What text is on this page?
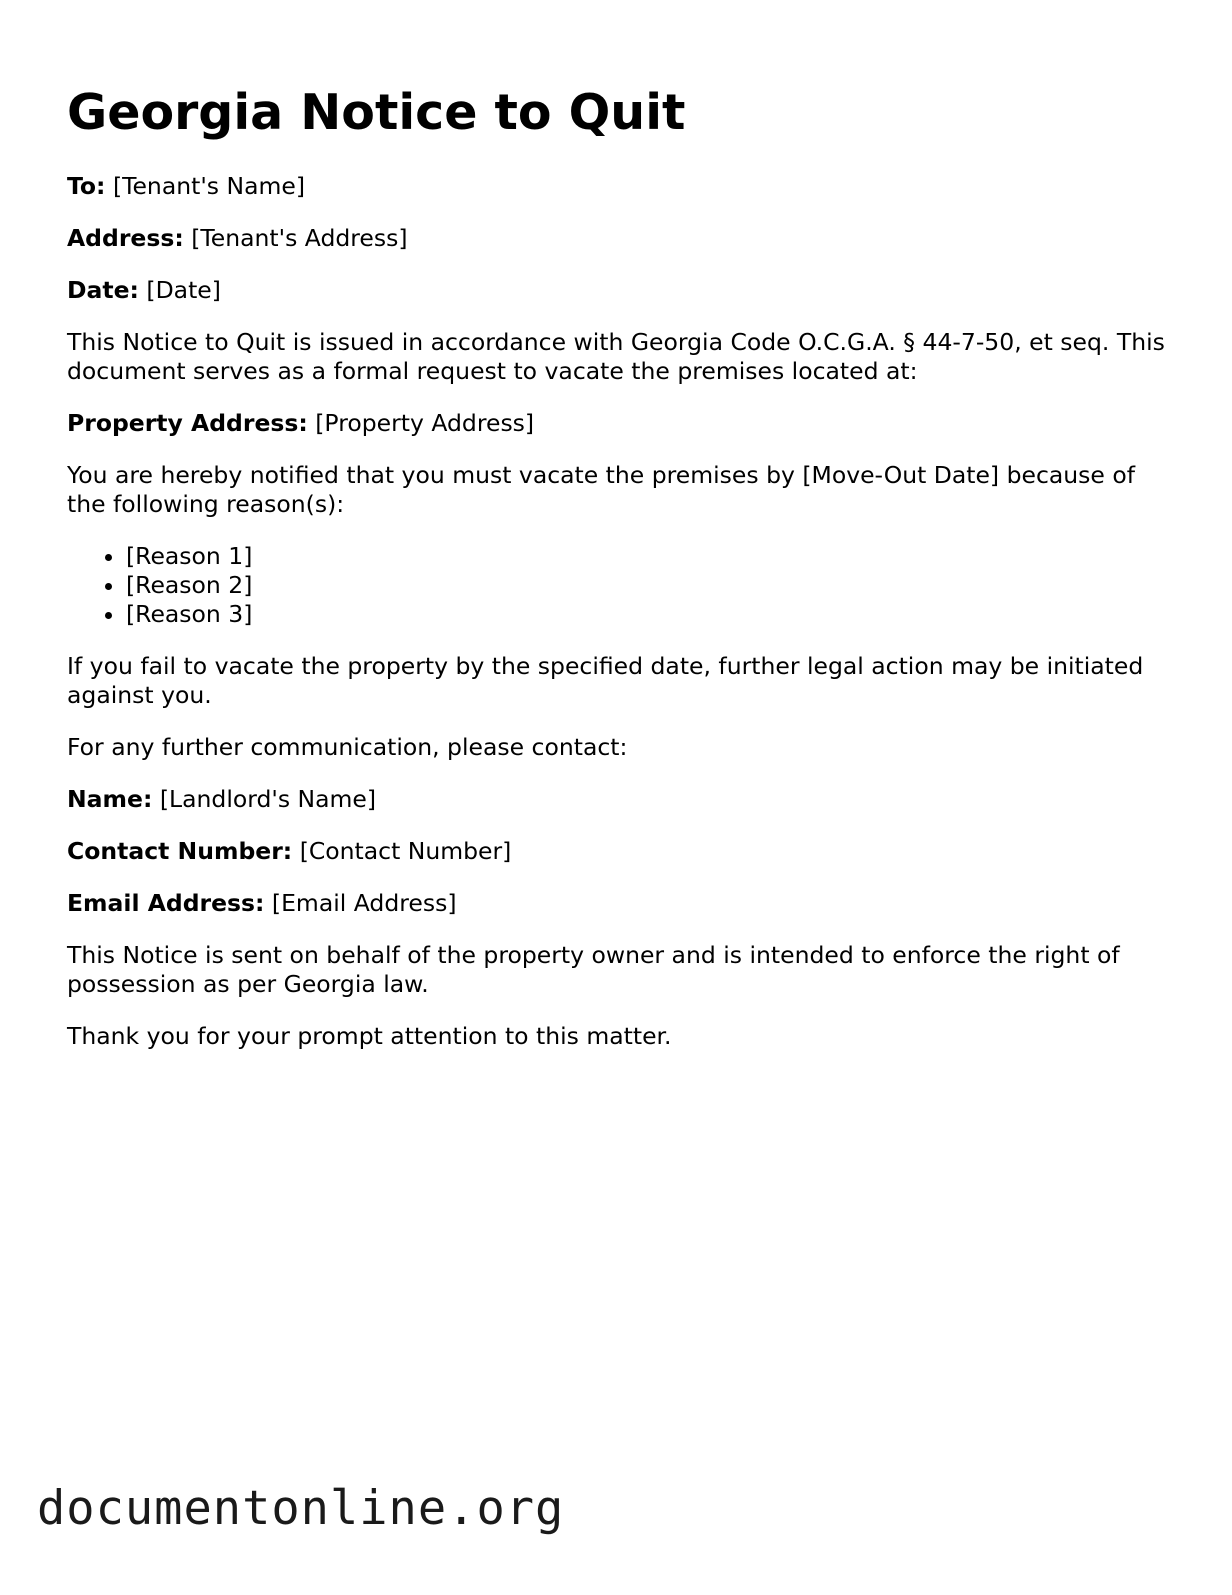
Georgia Notice to Quit

To: [Tenant's Name]

Address: [Tenant's Address]

Date: [Date]

This Notice to Quit is issued in accordance with Georgia Code O.C.G.A. § 44-7-50, et seq. This document serves as a formal request to vacate the premises located at:

Property Address: [Property Address]

You are hereby notified that you must vacate the premises by [Move-Out Date] because of the following reason(s):

• [Reason 1]
• [Reason 2]
• [Reason 3]

If you fail to vacate the property by the specified date, further legal action may be initiated against you.

For any further communication, please contact:

Name: [Landlord's Name]

Contact Number: [Contact Number]

Email Address: [Email Address]

This Notice is sent on behalf of the property owner and is intended to enforce the right of possession as per Georgia law.

Thank you for your prompt attention to this matter.

documentonline.org
